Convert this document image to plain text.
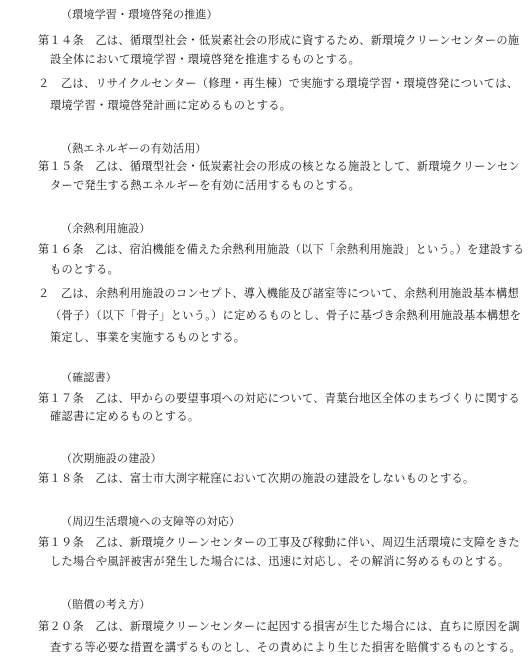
（環境学習・環境啓発の推進）
第１４条　乙は、循環型社会・低炭素社会の形成に資するため、新環境クリーンセンターの施
設全体において環境学習・環境啓発を推進するものとする。
２　乙は、リサイクルセンター（修理・再生棟）で実施する環境学習・環境啓発については、
環境学習・環境啓発計画に定めるものとする。
（熱エネルギーの有効活用）
第１５条　乙は、循環型社会・低炭素社会の形成の核となる施設として、新環境クリーンセン
ターで発生する熱エネルギーを有効に活用するものとする。
（余熱利用施設）
第１６条　乙は、宿泊機能を備えた余熱利用施設（以下「余熱利用施設」という。）を建設する
ものとする。
２　乙は、余熱利用施設のコンセプト、導入機能及び諸室等について、余熱利用施設基本構想
（骨子）（以下「骨子」という。）に定めるものとし、骨子に基づき余熱利用施設基本構想を
策定し、事業を実施するものとする。
（確認書）
第１７条　乙は、甲からの要望事項への対応について、青葉台地区全体のまちづくりに関する
確認書に定めるものとする。
（次期施設の建設）
第１８条　乙は、富士市大渕字糀窪において次期の施設の建設をしないものとする。
（周辺生活環境への支障等の対応）
第１９条　乙は、新環境クリーンセンターの工事及び稼動に伴い、周辺生活環境に支障をきた
した場合や風評被害が発生した場合には、迅速に対応し、その解消に努めるものとする。
（賠償の考え方）
第２０条　乙は、新環境クリーンセンターに起因する損害が生じた場合には、直ちに原因を調
査する等必要な措置を講ずるものとし、その責めにより生じた損害を賠償するものとする。
